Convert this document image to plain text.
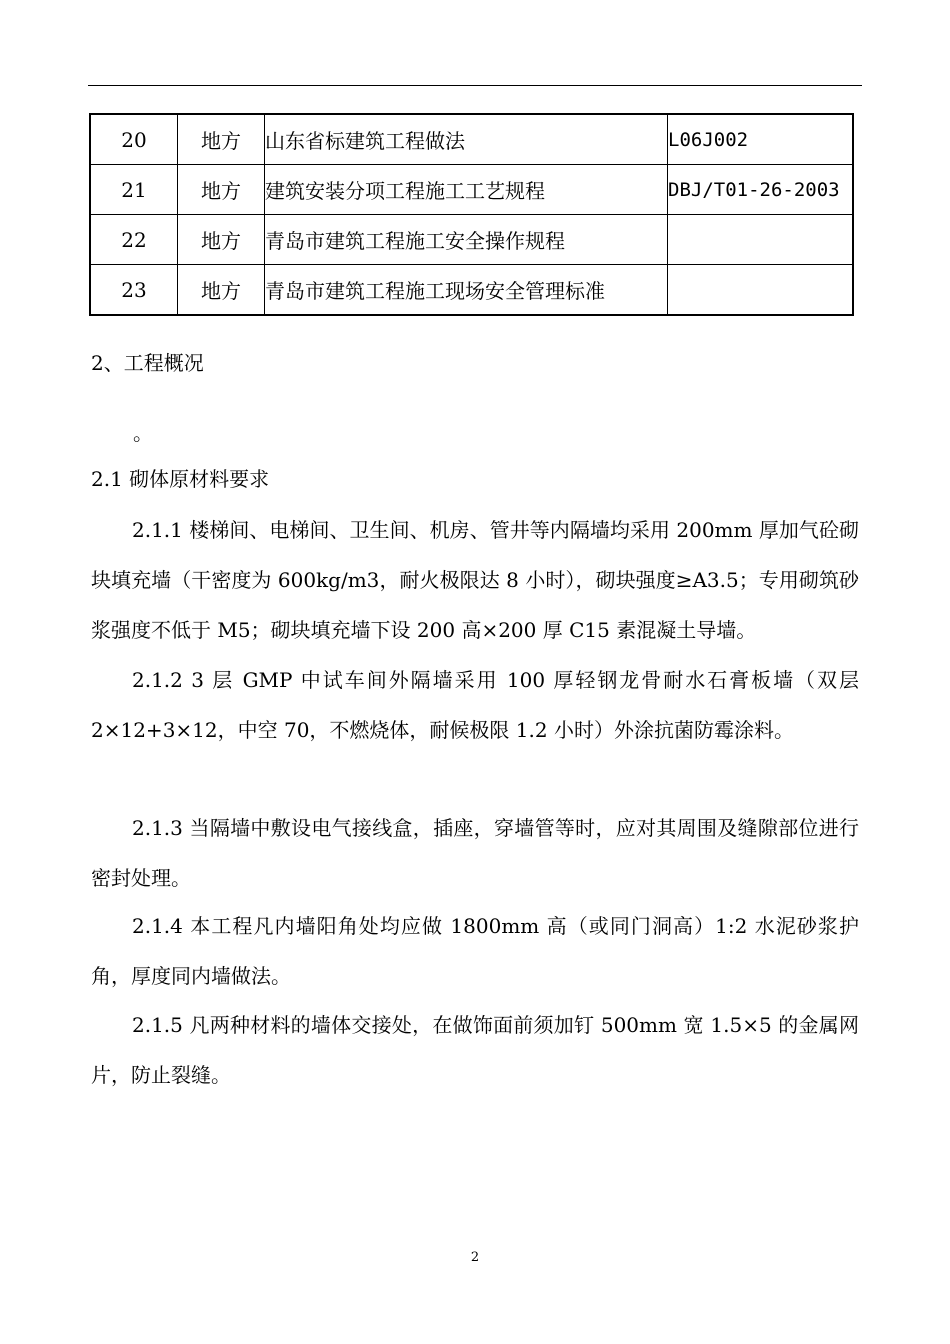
20	地方	山东省标建筑工程做法	L06J002
21	地方	建筑安装分项工程施工工艺规程	DBJ/T01-26-2003
22	地方	青岛市建筑工程施工安全操作规程	
23	地方	青岛市建筑工程施工现场安全管理标准	
2、工程概况
。
2.1 砌体原材料要求
2.1.1 楼梯间、电梯间、卫生间、机房、管井等内隔墙均采用 200mm 厚加气砼砌块填充墙（干密度为 600kg/m3，耐火极限达 8 小时），砌块强度≥A3.5；专用砌筑砂浆强度不低于 M5；砌块填充墙下设 200 高×200 厚 C15 素混凝土导墙。
2.1.2 3 层 GMP 中试车间外隔墙采用 100 厚轻钢龙骨耐水石膏板墙（双层 2×12+3×12，中空 70，不燃烧体，耐候极限 1.2 小时）外涂抗菌防霉涂料。
2.1.3 当隔墙中敷设电气接线盒，插座，穿墙管等时，应对其周围及缝隙部位进行密封处理。
2.1.4 本工程凡内墙阳角处均应做 1800mm 高（或同门洞高）1:2 水泥砂浆护角，厚度同内墙做法。
2.1.5 凡两种材料的墙体交接处，在做饰面前须加钉 500mm 宽 1.5×5 的金属网片，防止裂缝。
2
